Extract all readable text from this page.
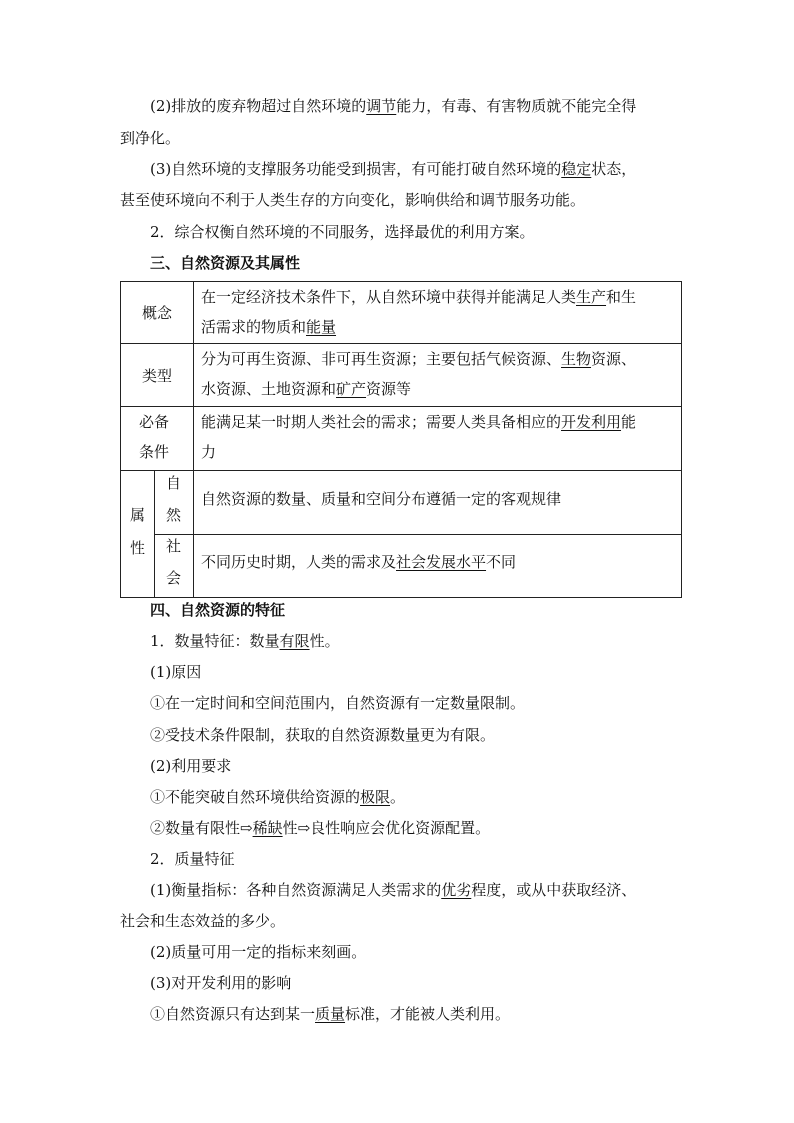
(2)排放的废弃物超过自然环境的调节能力，有毒、有害物质就不能完全得
到净化。
(3)自然环境的支撑服务功能受到损害，有可能打破自然环境的稳定状态，
甚至使环境向不利于人类生存的方向变化，影响供给和调节服务功能。
2．综合权衡自然环境的不同服务，选择最优的利用方案。
三、自然资源及其属性
概念
在一定经济技术条件下，从自然环境中获得并能满足人类生产和生
活需求的物质和能量
类型
分为可再生资源、非可再生资源；主要包括气候资源、生物资源、
水资源、土地资源和矿产资源等
必备
条件
能满足某一时期人类社会的需求；需要人类具备相应的开发利用能
力
属
性
自
然
自然资源的数量、质量和空间分布遵循一定的客观规律
社
会
不同历史时期，人类的需求及社会发展水平不同
四、自然资源的特征
1．数量特征：数量有限性。
(1)原因
①在一定时间和空间范围内，自然资源有一定数量限制。
②受技术条件限制，获取的自然资源数量更为有限。
(2)利用要求
①不能突破自然环境供给资源的极限。
②数量有限性⇨稀缺性⇨良性响应会优化资源配置。
2．质量特征
(1)衡量指标：各种自然资源满足人类需求的优劣程度，或从中获取经济、
社会和生态效益的多少。
(2)质量可用一定的指标来刻画。
(3)对开发利用的影响
①自然资源只有达到某一质量标准，才能被人类利用。
